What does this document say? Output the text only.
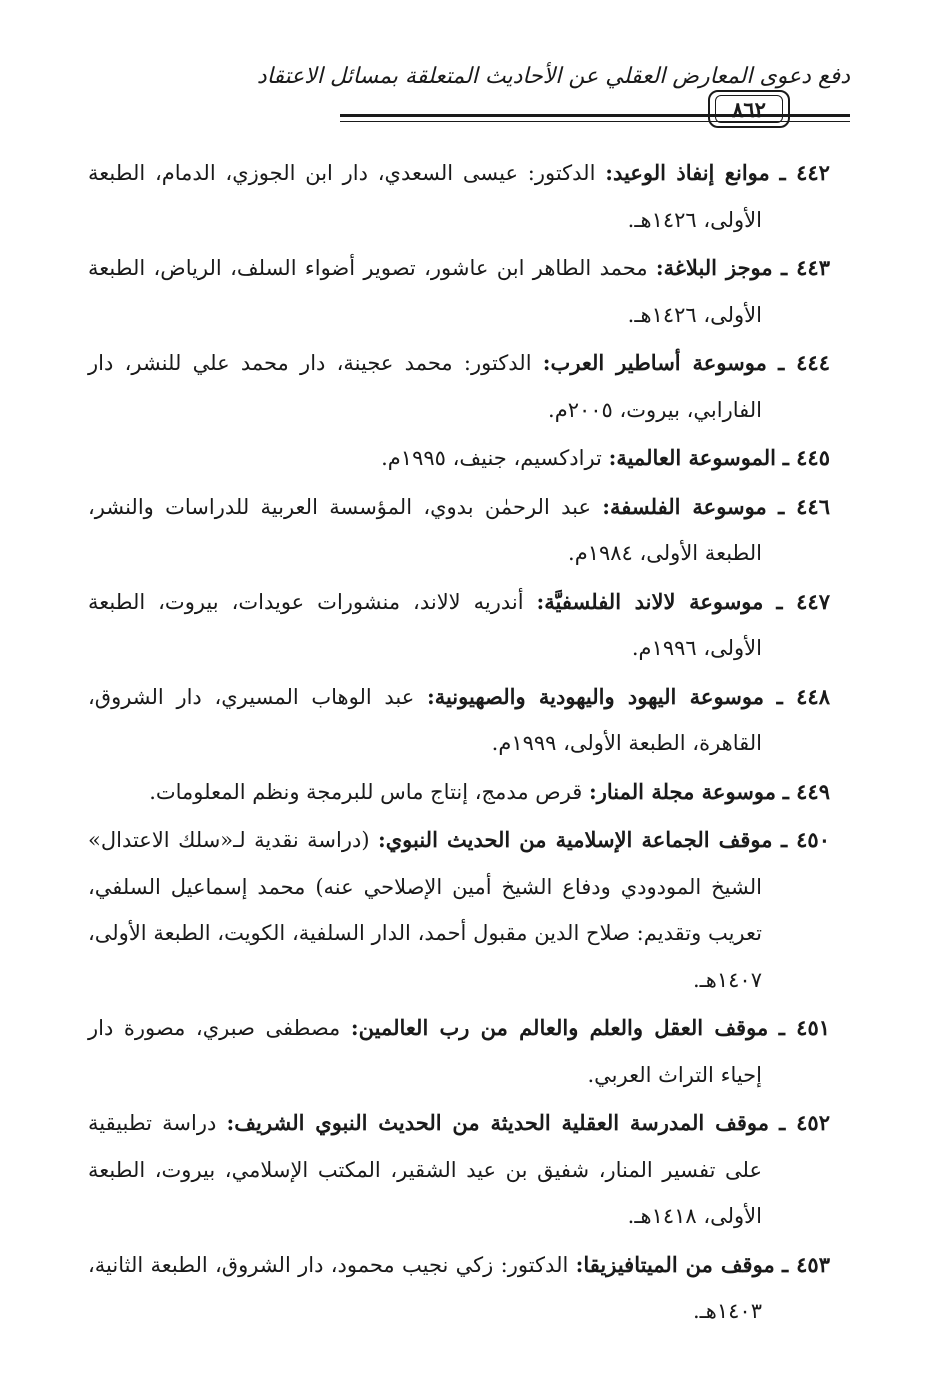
دفع دعوى المعارض العقلي عن الأحاديث المتعلقة بمسائل الاعتقاد
٨٦٢

٤٤٢ ـ موانع إنفاذ الوعيد: الدكتور: عيسى السعدي، دار ابن الجوزي، الدمام، الطبعة الأولى، ١٤٢٦هـ.

٤٤٣ ـ موجز البلاغة: محمد الطاهر ابن عاشور، تصوير أضواء السلف، الرياض، الطبعة الأولى، ١٤٢٦هـ.

٤٤٤ ـ موسوعة أساطير العرب: الدكتور: محمد عجينة، دار محمد علي للنشر، دار الفارابي، بيروت، ٢٠٠٥م.

٤٤٥ ـ الموسوعة العالمية: ترادكسيم، جنيف، ١٩٩٥م.

٤٤٦ ـ موسوعة الفلسفة: عبد الرحمٰن بدوي، المؤسسة العربية للدراسات والنشر، الطبعة الأولى، ١٩٨٤م.

٤٤٧ ـ موسوعة لالاند الفلسفيَّة: أندريه لالاند، منشورات عويدات، بيروت، الطبعة الأولى، ١٩٩٦م.

٤٤٨ ـ موسوعة اليهود واليهودية والصهيونية: عبد الوهاب المسيري، دار الشروق، القاهرة، الطبعة الأولى، ١٩٩٩م.

٤٤٩ ـ موسوعة مجلة المنار: قرص مدمج، إنتاج ماس للبرمجة ونظم المعلومات.

٤٥٠ ـ موقف الجماعة الإسلامية من الحديث النبوي: (دراسة نقدية لـ«سلك الاعتدال» الشيخ المودودي ودفاع الشيخ أمين الإصلاحي عنه) محمد إسماعيل السلفي، تعريب وتقديم: صلاح الدين مقبول أحمد، الدار السلفية، الكويت، الطبعة الأولى، ١٤٠٧هـ.

٤٥١ ـ موقف العقل والعلم والعالم من رب العالمين: مصطفى صبري، مصورة دار إحياء التراث العربي.

٤٥٢ ـ موقف المدرسة العقلية الحديثة من الحديث النبوي الشريف: دراسة تطبيقية على تفسير المنار، شفيق بن عيد الشقير، المكتب الإسلامي، بيروت، الطبعة الأولى، ١٤١٨هـ.

٤٥٣ ـ موقف من الميتافيزيقا: الدكتور: زكي نجيب محمود، دار الشروق، الطبعة الثانية، ١٤٠٣هـ.
